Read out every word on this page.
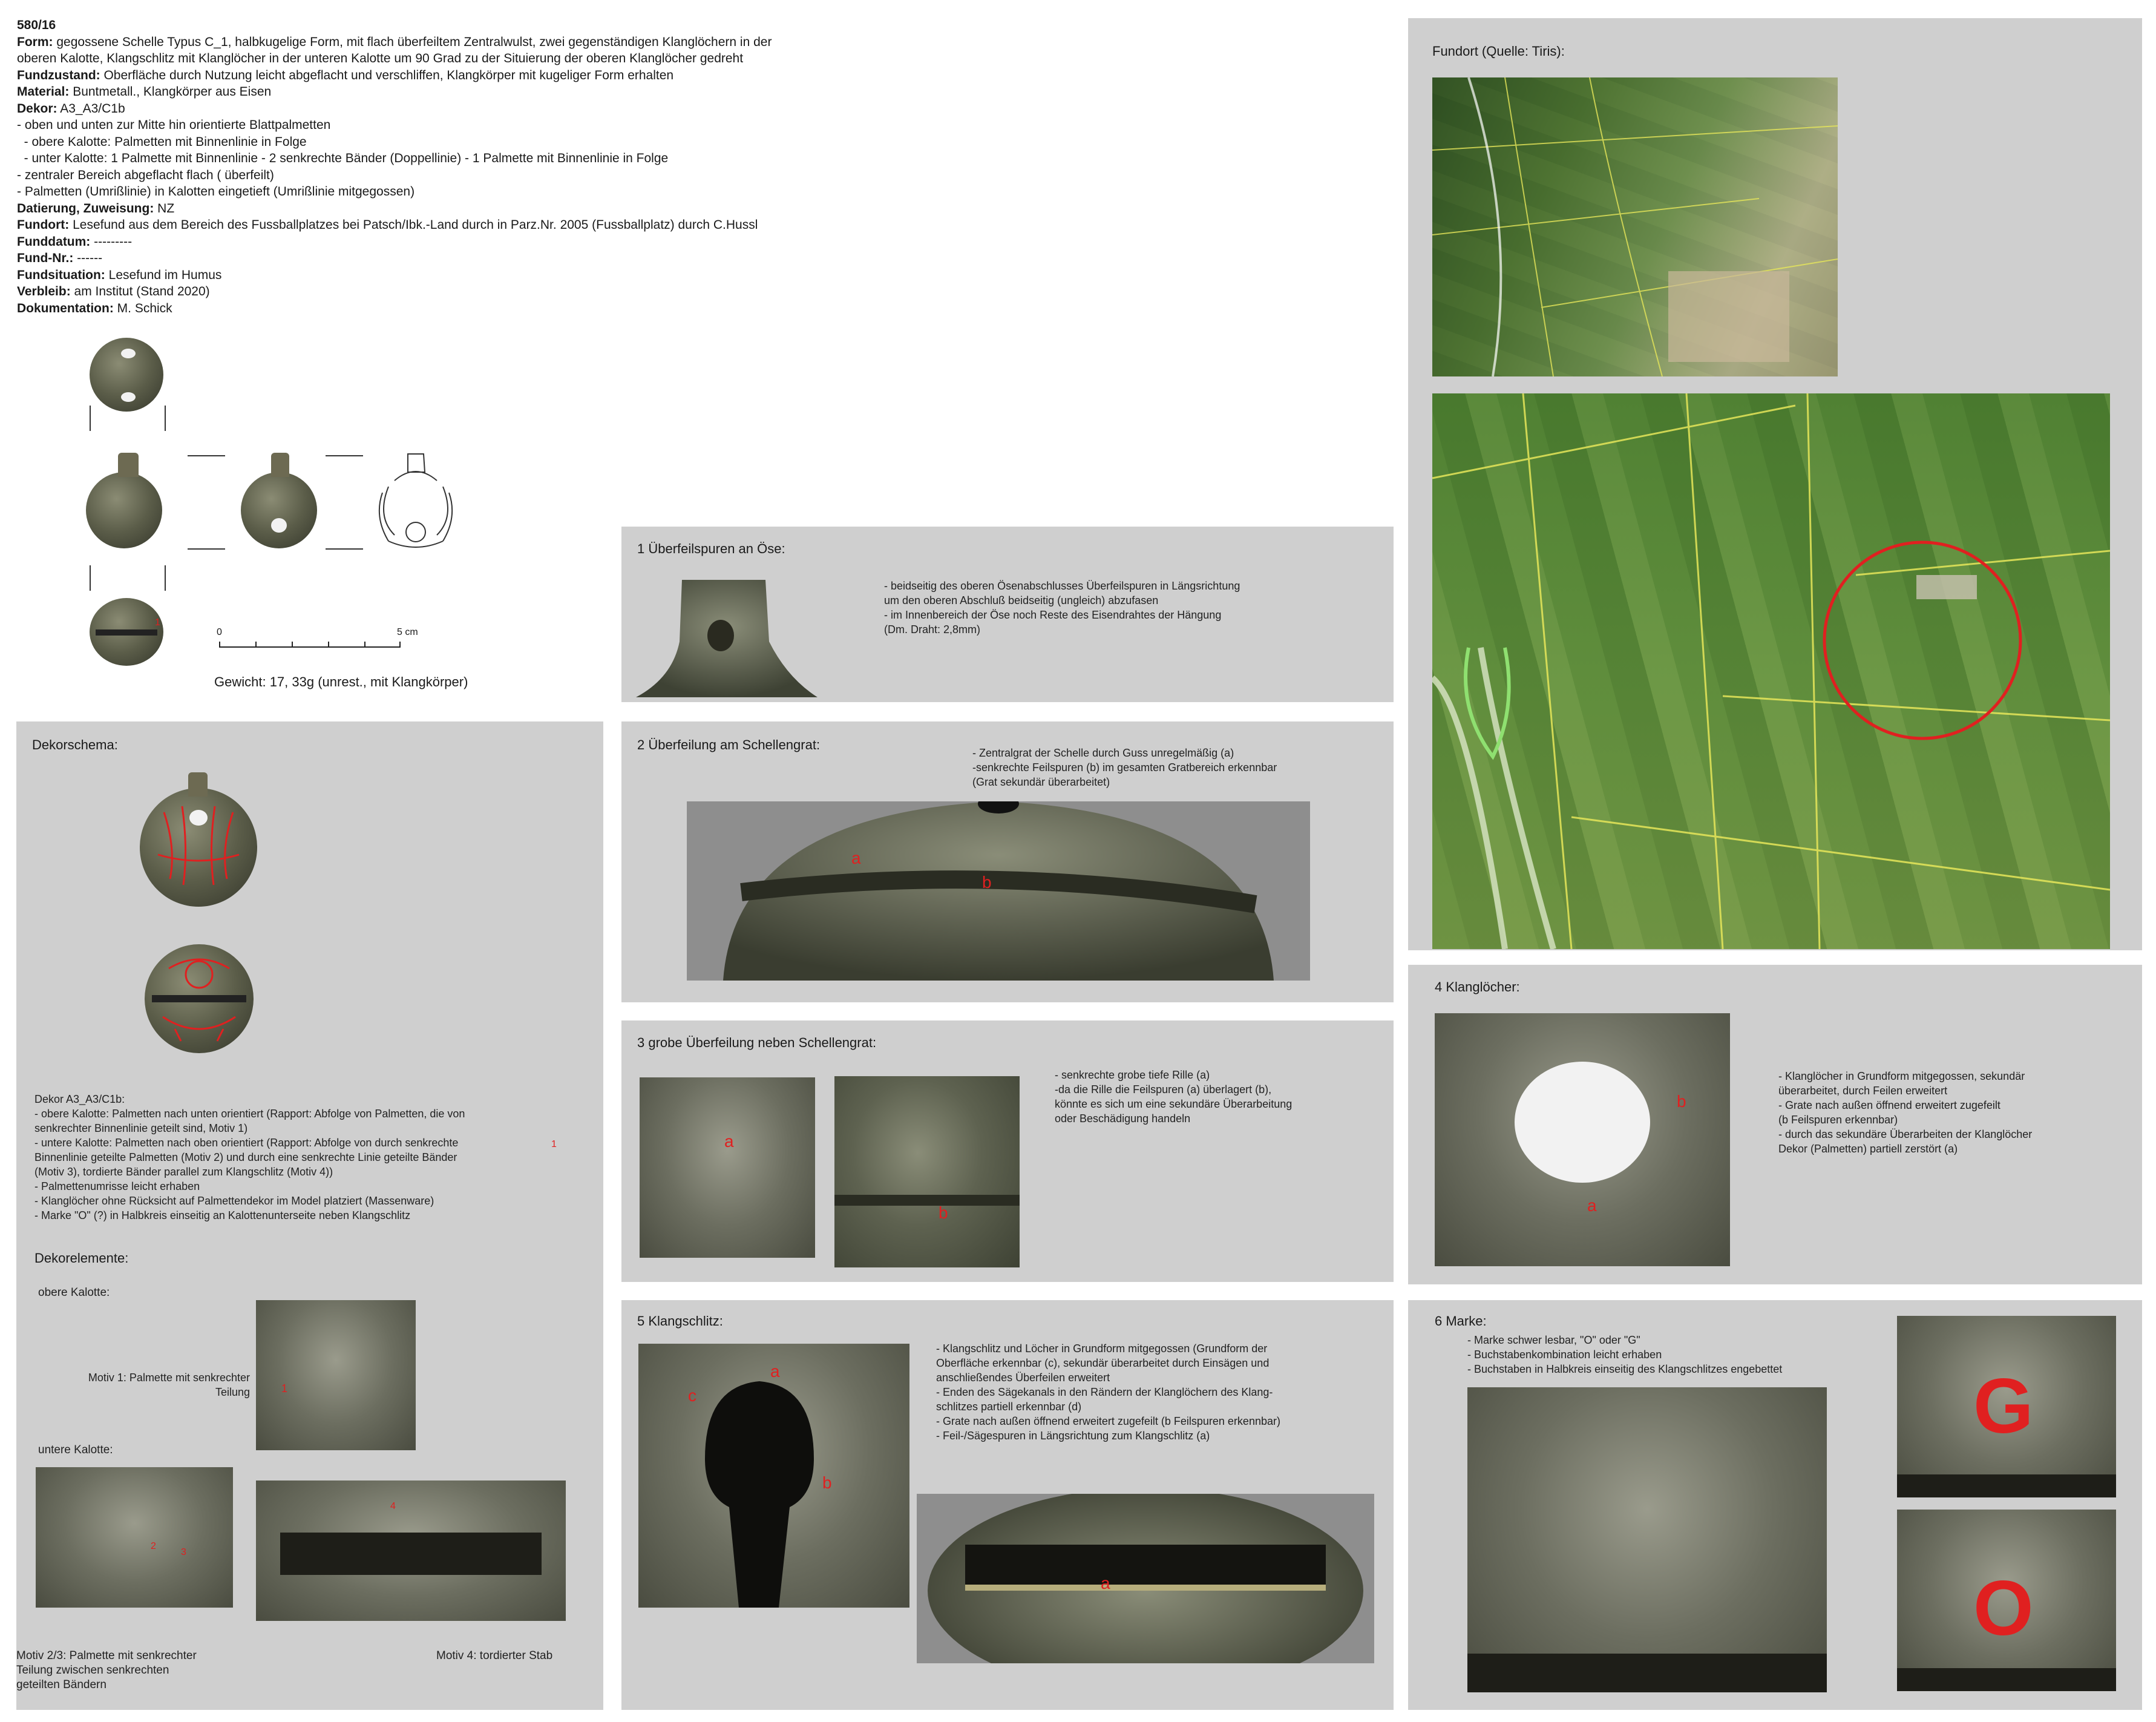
580/16
Form: gegossene Schelle Typus C_1, halbkugelige Form, mit flach überfeiltem Zentralwulst, zwei gegenständigen Klanglöchern in der
oberen Kalotte, Klangschlitz mit Klanglöcher in der unteren Kalotte um 90 Grad zu der Situierung der oberen Klanglöcher gedreht
Fundzustand: Oberfläche durch Nutzung leicht abgeflacht und verschliffen, Klangkörper mit kugeliger Form erhalten
Material: Buntmetall., Klangkörper aus Eisen
Dekor: A3_A3/C1b
- oben und unten zur Mitte hin orientierte Blattpalmetten
- obere Kalotte: Palmetten mit Binnenlinie in Folge
- unter Kalotte: 1 Palmette mit Binnenlinie - 2 senkrechte Bänder (Doppellinie) - 1 Palmette mit Binnenlinie in Folge
- zentraler Bereich abgeflacht flach ( überfeilt)
- Palmetten (Umrißlinie) in Kalotten eingetieft (Umrißlinie mitgegossen)
Datierung, Zuweisung: NZ
Fundort: Lesefund aus dem Bereich des Fussballplatzes bei Patsch/Ibk.-Land durch in Parz.Nr. 2005 (Fussballplatz) durch C.Hussl
Funddatum: ---------
Fund-Nr.: ------
Fundsituation: Lesefund im Humus
Verbleib: am Institut (Stand 2020)
Dokumentation: M. Schick
1
0	5 cm
Gewicht: 17, 33g (unrest., mit Klangkörper)
Dekorschema:
Dekor A3_A3/C1b:
- obere Kalotte: Palmetten nach unten orientiert (Rapport: Abfolge von Palmetten, die von
senkrechter Binnenlinie geteilt sind, Motiv 1)
- untere Kalotte: Palmetten nach oben orientiert (Rapport: Abfolge von durch senkrechte
Binnenlinie geteilte Palmetten (Motiv 2) und durch eine senkrechte Linie geteilte Bänder
(Motiv 3), tordierte Bänder parallel zum Klangschlitz (Motiv 4))
- Palmettenumrisse leicht erhaben
- Klanglöcher ohne Rücksicht auf Palmettendekor im Model platziert (Massenware)
- Marke "O" (?) in Halbkreis einseitig an Kalottenunterseite neben Klangschlitz
1
Dekorelemente:
obere Kalotte:
1
Motiv 1: Palmette mit senkrechter
Teilung
untere Kalotte:
2
3
4
Motiv 2/3: Palmette mit senkrechter
Teilung zwischen senkrechten
geteilten Bändern
Motiv 4: tordierter Stab
1 Überfeilspuren an Öse:
- beidseitig des oberen Ösenabschlusses Überfeilspuren in Längsrichtung
um den oberen Abschluß beidseitig (ungleich) abzufasen
- im Innenbereich der Öse noch Reste des Eisendrahtes der Hängung
(Dm. Draht: 2,8mm)
2 Überfeilung am Schellengrat:
- Zentralgrat der Schelle durch Guss unregelmäßig (a)
-senkrechte Feilspuren (b) im gesamten Gratbereich erkennbar
(Grat sekundär überarbeitet)
a
b
3 grobe Überfeilung neben Schellengrat:
a
b
- senkrechte grobe tiefe Rille (a)
-da die Rille die Feilspuren (a) überlagert (b),
könnte es sich um eine sekundäre Überarbeitung
oder Beschädigung handeln
5 Klangschlitz:
a
c
b
- Klangschlitz und Löcher in Grundform mitgegossen (Grundform der
Oberfläche erkennbar (c), sekundär überarbeitet durch Einsägen und
anschließendes Überfeilen erweitert
- Enden des Sägekanals in den Rändern der Klanglöchern des Klang-
schlitzes partiell erkennbar (d)
- Grate nach außen öffnend erweitert zugefeilt (b Feilspuren erkennbar)
- Feil-/Sägespuren in Längsrichtung zum Klangschlitz (a)
a
Fundort (Quelle: Tiris):
4 Klanglöcher:
b
a
- Klanglöcher in Grundform mitgegossen, sekundär
überarbeitet, durch Feilen erweitert
- Grate nach außen öffnend erweitert zugefeilt
(b Feilspuren erkennbar)
- durch das sekundäre Überarbeiten der Klanglöcher
Dekor (Palmetten) partiell zerstört (a)
6 Marke:
- Marke schwer lesbar, "O" oder "G"
- Buchstabenkombination leicht erhaben
- Buchstaben in Halbkreis einseitig des Klangschlitzes engebettet G
O
